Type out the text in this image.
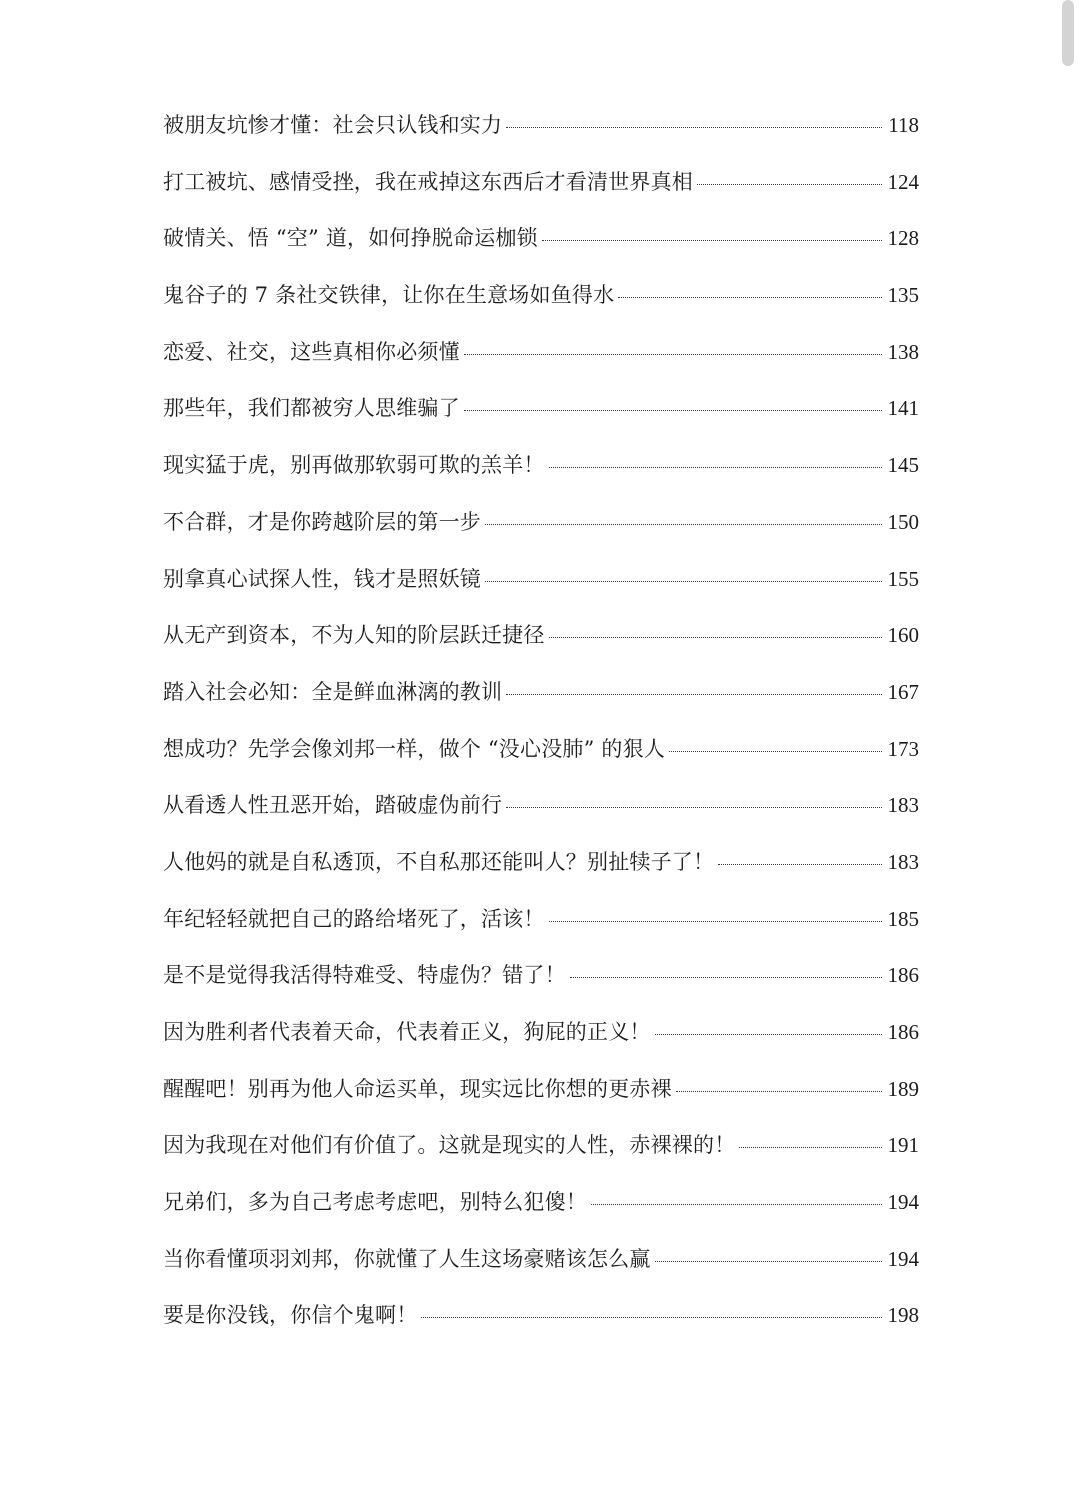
被朋友坑惨才懂：社会只认钱和实力	118
打工被坑、感情受挫，我在戒掉这东西后才看清世界真相	124
破情关、悟 “空” 道，如何挣脱命运枷锁	128
鬼谷子的 7 条社交铁律，让你在生意场如鱼得水	135
恋爱、社交，这些真相你必须懂	138
那些年，我们都被穷人思维骗了	141
现实猛于虎，别再做那软弱可欺的羔羊！	145
不合群，才是你跨越阶层的第一步	150
别拿真心试探人性，钱才是照妖镜	155
从无产到资本，不为人知的阶层跃迁捷径	160
踏入社会必知：全是鲜血淋漓的教训	167
想成功？先学会像刘邦一样，做个 “没心没肺” 的狠人	173
从看透人性丑恶开始，踏破虚伪前行	183
人他妈的就是自私透顶，不自私那还能叫人？别扯犊子了！	183
年纪轻轻就把自己的路给堵死了，活该！	185
是不是觉得我活得特难受、特虚伪？错了！	186
因为胜利者代表着天命，代表着正义，狗屁的正义！	186
醒醒吧！别再为他人命运买单，现实远比你想的更赤裸	189
因为我现在对他们有价值了。这就是现实的人性，赤裸裸的！	191
兄弟们，多为自己考虑考虑吧，别特么犯傻！	194
当你看懂项羽刘邦，你就懂了人生这场豪赌该怎么赢	194
要是你没钱，你信个鬼啊！	198
